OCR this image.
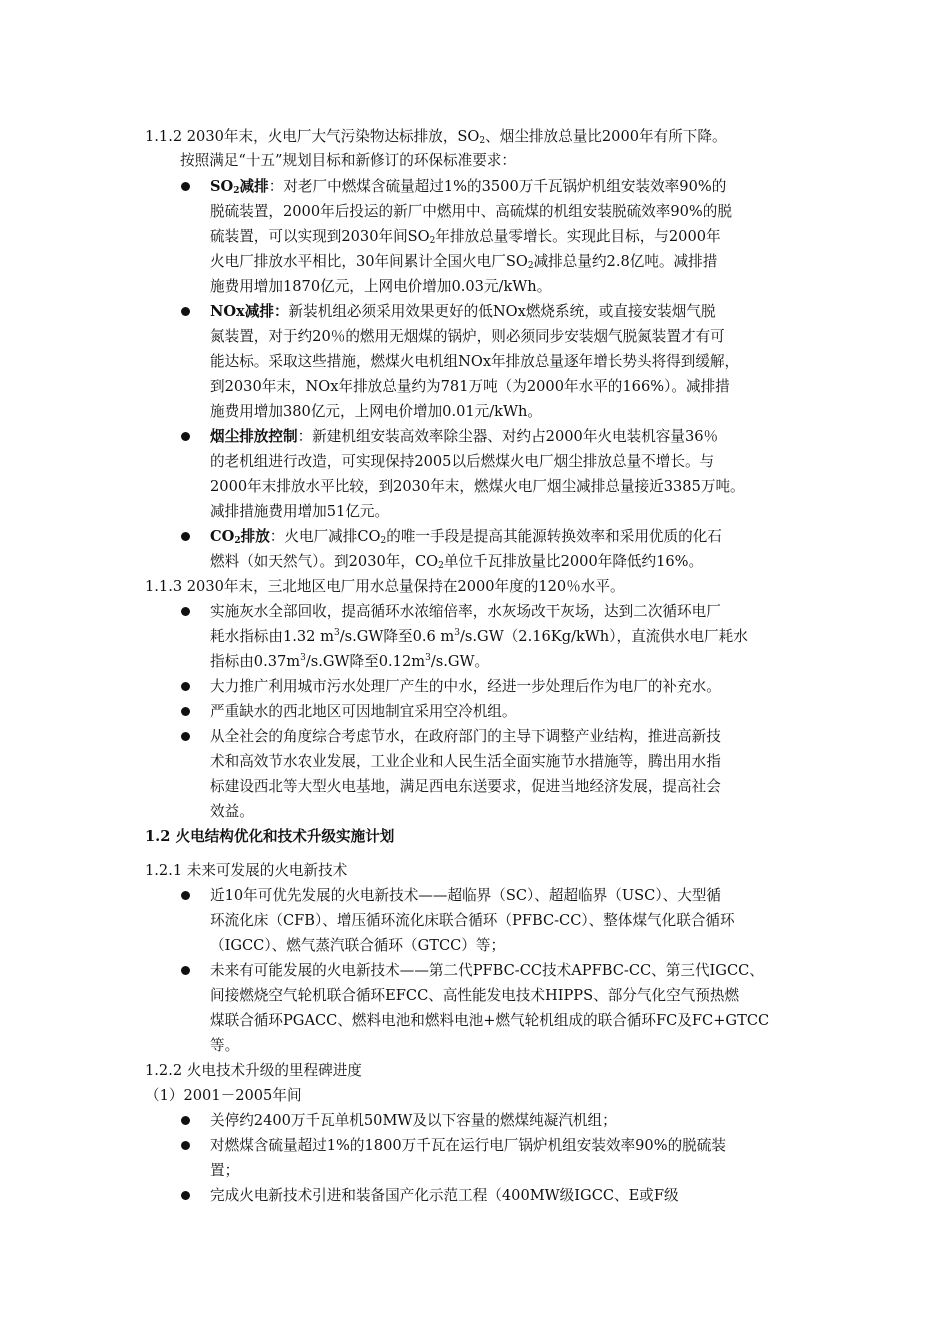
1.1.2 2030年末，火电厂大气污染物达标排放，$SO_2$、烟尘排放总量比2000年有所下降。
按照满足“十五”规划目标和新修订的环保标准要求：
$SO_2$减排：对老厂中燃煤含硫量超过1%的3500万千瓦锅炉机组安装效率90%的
脱硫装置，2000年后投运的新厂中燃用中、高硫煤的机组安装脱硫效率90%的脱
硫装置，可以实现到2030年间$SO_2$年排放总量零增长。实现此目标，与2000年
火电厂排放水平相比，30年间累计全国火电厂$SO_2$减排总量约2.8亿吨。减排措
施费用增加1870亿元，上网电价增加0.03元/kWh。
NOx减排：新装机组必须采用效果更好的低NOx燃烧系统，或直接安装烟气脱
氮装置，对于约20％的燃用无烟煤的锅炉，则必须同步安装烟气脱氮装置才有可
能达标。采取这些措施，燃煤火电机组NOx年排放总量逐年增长势头将得到缓解，
到2030年末，NOx年排放总量约为781万吨（为2000年水平的166%）。减排措
施费用增加380亿元，上网电价增加0.01元/kWh。
烟尘排放控制：新建机组安装高效率除尘器、对约占2000年火电装机容量36％
的老机组进行改造，可实现保持2005以后燃煤火电厂烟尘排放总量不增长。与
2000年末排放水平比较，到2030年末，燃煤火电厂烟尘减排总量接近3385万吨。
减排措施费用增加51亿元。
$CO_2$排放：火电厂减排$CO_2$的唯一手段是提高其能源转换效率和采用优质的化石
燃料（如天然气）。到2030年，$CO_2$单位千瓦排放量比2000年降低约16%。
1.1.3 2030年末，三北地区电厂用水总量保持在2000年度的120％水平。
实施灰水全部回收，提高循环水浓缩倍率，水灰场改干灰场，达到二次循环电厂
耗水指标由1.32 $m^3/s.GW$降至0.6 $m^3/s.GW(2.16Kg/kWh)$，直流供水电厂耗水
指标由$0.37m^3/s.GW$降至$0.12m^3/s.GW$。
大力推广利用城市污水处理厂产生的中水，经进一步处理后作为电厂的补充水。
严重缺水的西北地区可因地制宜采用空冷机组。
从全社会的角度综合考虑节水，在政府部门的主导下调整产业结构，推进高新技
术和高效节水农业发展，工业企业和人民生活全面实施节水措施等，腾出用水指
标建设西北等大型火电基地，满足西电东送要求，促进当地经济发展，提高社会
效益。
1.2 火电结构优化和技术升级实施计划
1.2.1 未来可发展的火电新技术
近10年可优先发展的火电新技术——超临界（SC）、超超临界（USC）、大型循
环流化床（CFB）、增压循环流化床联合循环（PFBC-CC）、整体煤气化联合循环
（IGCC）、燃气蒸汽联合循环（GTCC）等；
未来有可能发展的火电新技术——第二代PFBC-CC技术APFBC-CC、第三代IGCC、
间接燃烧空气轮机联合循环EFCC、高性能发电技术HIPPS、部分气化空气预热燃
煤联合循环PGACC、燃料电池和燃料电池+燃气轮机组成的联合循环FC及FC+GTCC
等。
1.2.2 火电技术升级的里程碑进度
（1）2001－2005年间
关停约2400万千瓦单机50MW及以下容量的燃煤纯凝汽机组；
对燃煤含硫量超过1%的1800万千瓦在运行电厂锅炉机组安装效率90%的脱硫装
置；
完成火电新技术引进和装备国产化示范工程（400MW级IGCC、E或F级
